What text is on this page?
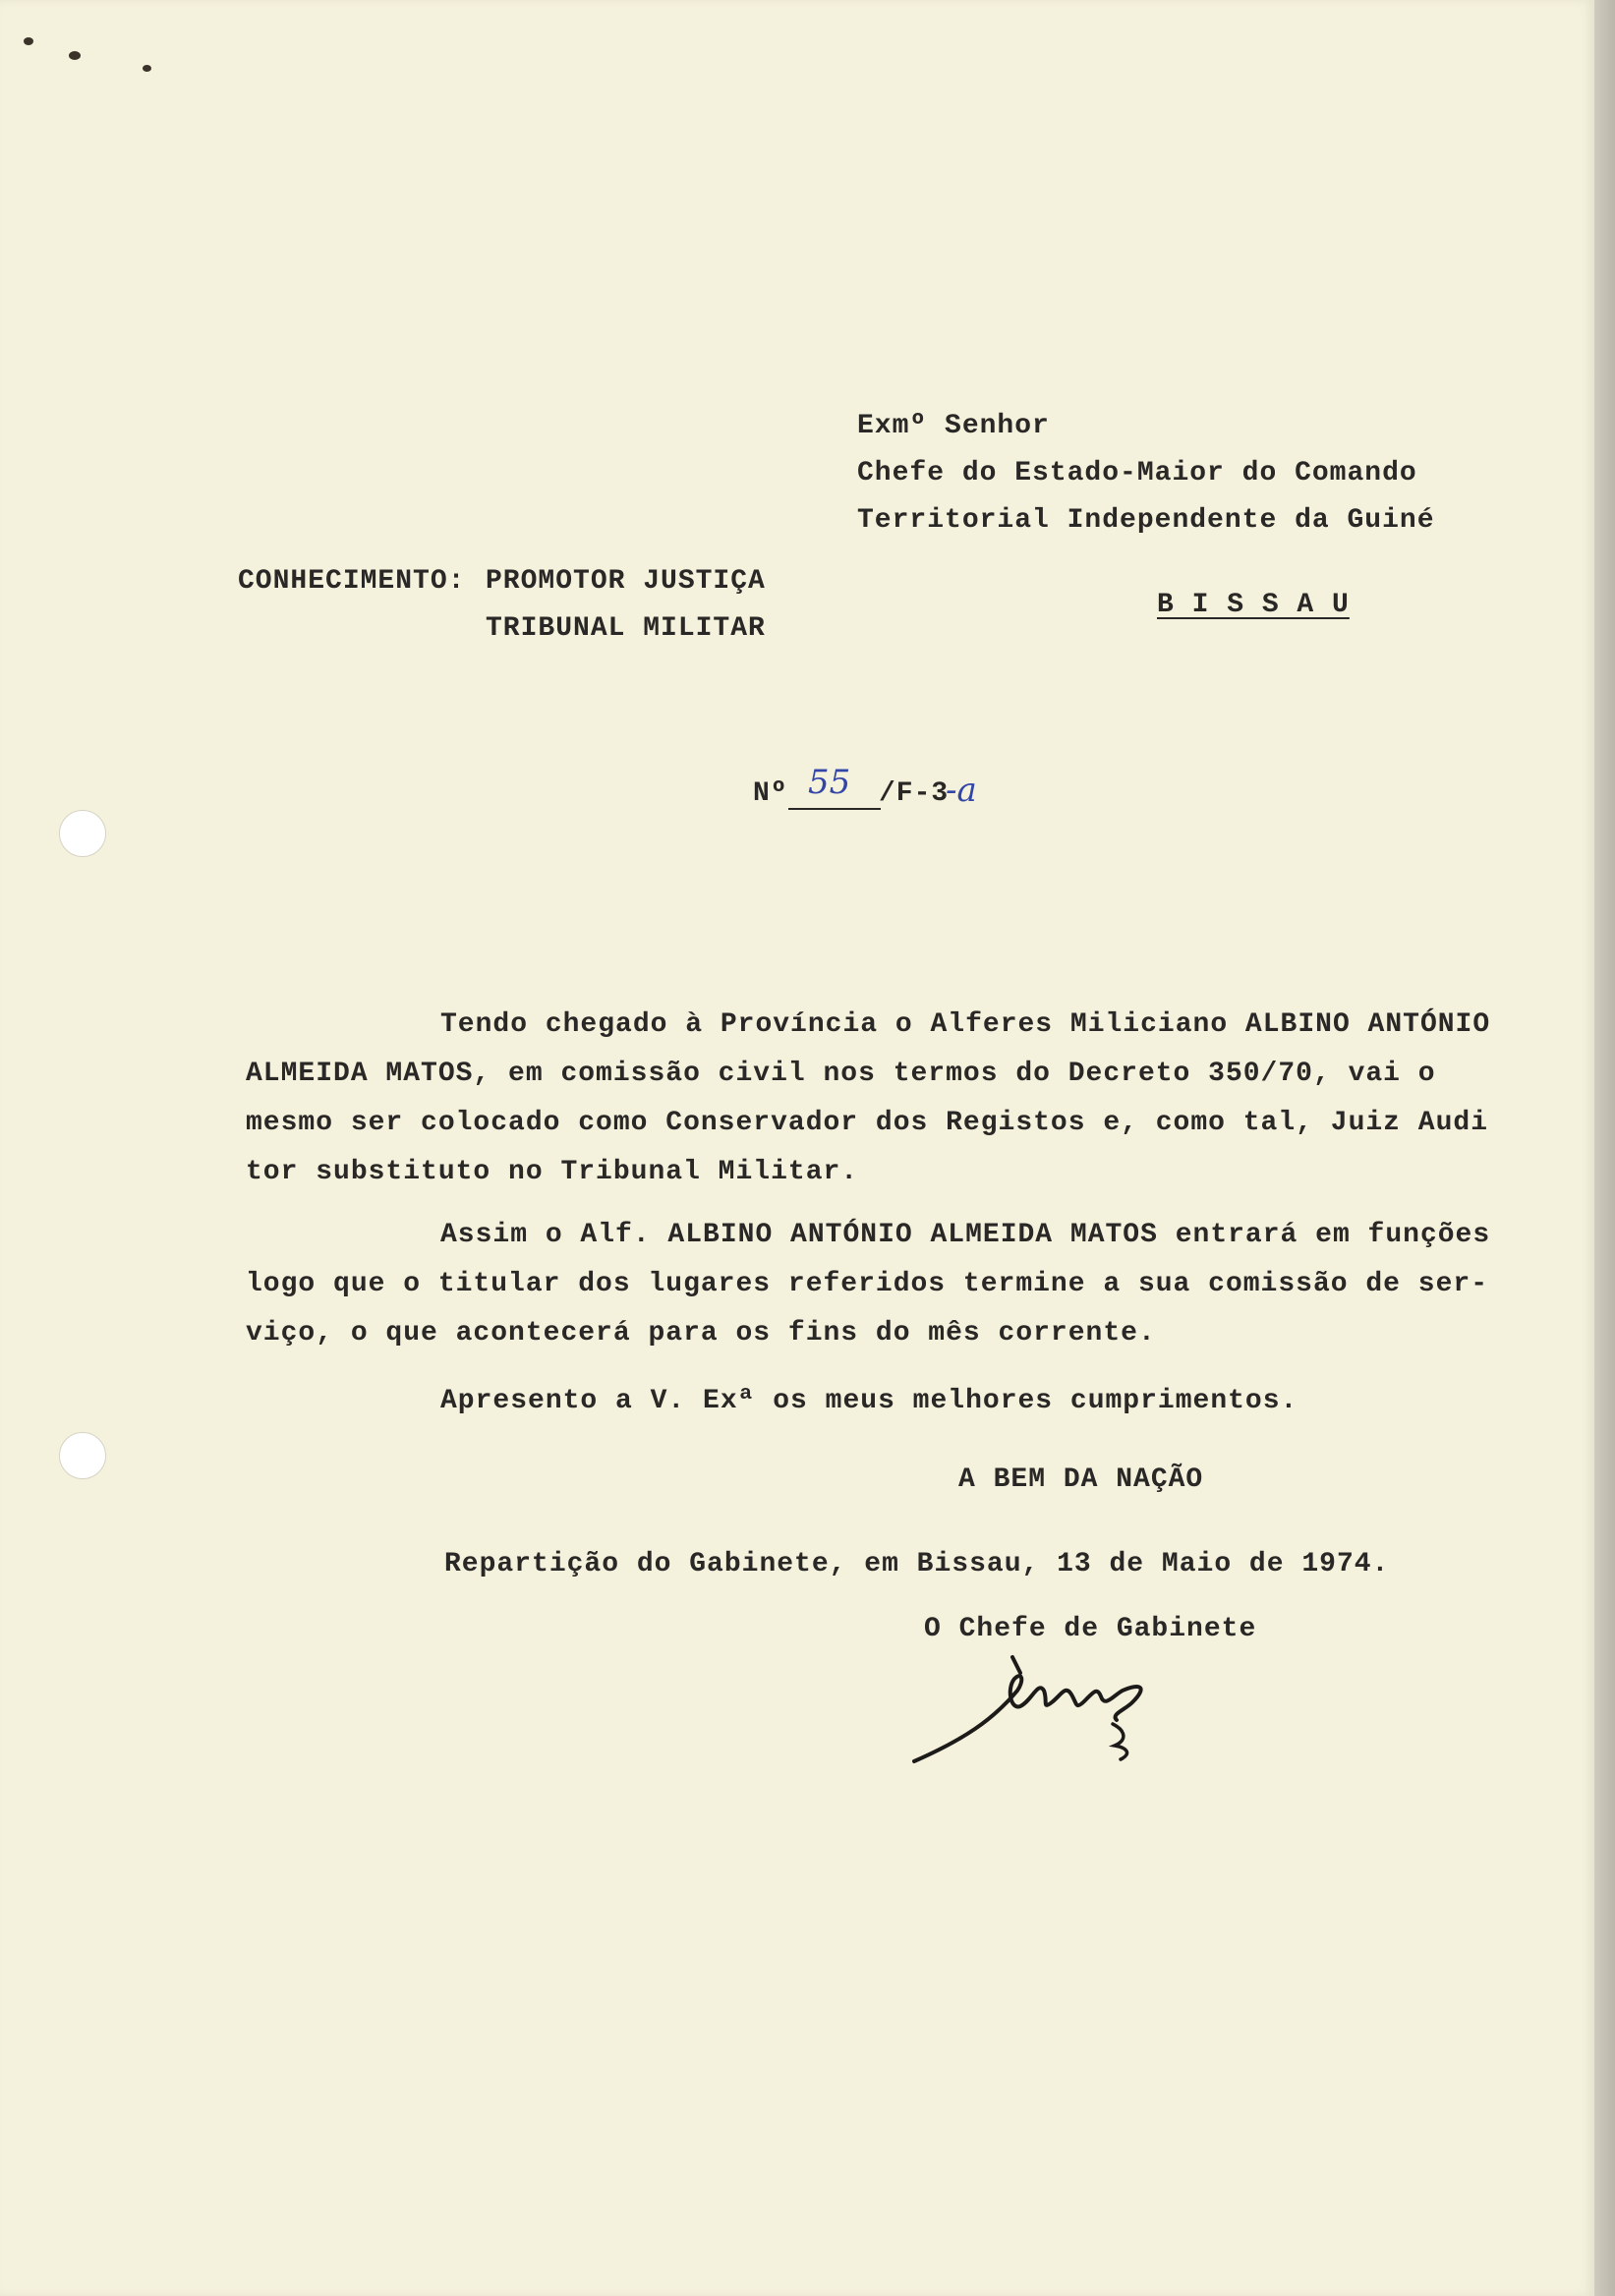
Exmº Senhor

Chefe do Estado-Maior do Comando

Territorial Independente da Guiné

B I S S A U

CONHECIMENTO: PROMOTOR JUSTIÇA

TRIBUNAL MILITAR

Nº 55 /F-3

-a

Tendo chegado à Província o Alferes Miliciano ALBINO ANTÓNIO

ALMEIDA MATOS, em comissão civil nos termos do Decreto 350/70, vai o

mesmo ser colocado como Conservador dos Registos e, como tal, Juiz Audi

tor substituto no Tribunal Militar.

Assim o Alf. ALBINO ANTÓNIO ALMEIDA MATOS entrará em funções

logo que o titular dos lugares referidos termine a sua comissão de ser-

viço, o que acontecerá para os fins do mês corrente.

Apresento a V. Exª os meus melhores cumprimentos.

A BEM DA NAÇÃO

Repartição do Gabinete, em Bissau, 13 de Maio de 1974.

O Chefe de Gabinete
